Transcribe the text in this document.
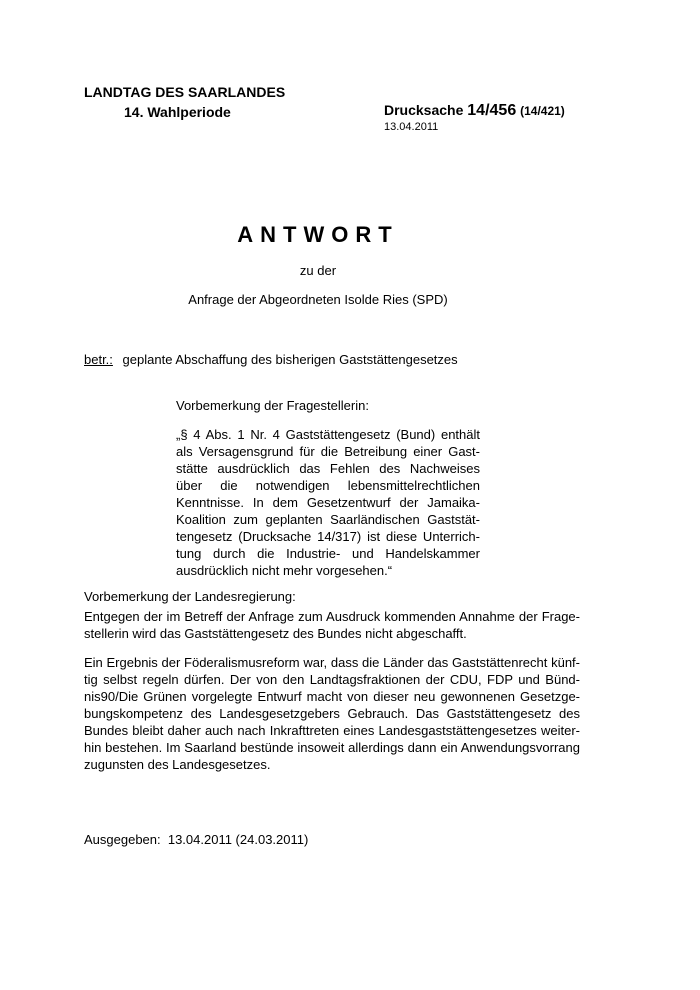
LANDTAG DES SAARLANDES
14. Wahlperiode	Drucksache 14/456 (14/421)
13.04.2011
ANTWORT
zu der
Anfrage der Abgeordneten Isolde Ries (SPD)
betr.: geplante Abschaffung des bisherigen Gaststättengesetzes
Vorbemerkung der Fragestellerin:
„§ 4 Abs. 1 Nr. 4 Gaststättengesetz (Bund) enthält
als Versagensgrund für die Betreibung einer Gast-
stätte ausdrücklich das Fehlen des Nachweises
über die notwendigen lebensmittelrechtlichen
Kenntnisse. In dem Gesetzentwurf der Jamaika-
Koalition zum geplanten Saarländischen Gaststät-
tengesetz (Drucksache 14/317) ist diese Unterrich-
tung durch die Industrie- und Handelskammer
ausdrücklich nicht mehr vorgesehen.“
Vorbemerkung der Landesregierung:
Entgegen der im Betreff der Anfrage zum Ausdruck kommenden Annahme der Frage-
stellerin wird das Gaststättengesetz des Bundes nicht abgeschafft.
Ein Ergebnis der Föderalismusreform war, dass die Länder das Gaststättenrecht künf-
tig selbst regeln dürfen. Der von den Landtagsfraktionen der CDU, FDP und Bünd-
nis90/Die Grünen vorgelegte Entwurf macht von dieser neu gewonnenen Gesetzge-
bungskompetenz des Landesgesetzgebers Gebrauch. Das Gaststättengesetz des
Bundes bleibt daher auch nach Inkrafttreten eines Landesgaststättengesetzes weiter-
hin bestehen. Im Saarland bestünde insoweit allerdings dann ein Anwendungsvorrang
zugunsten des Landesgesetzes.
Ausgegeben:  13.04.2011 (24.03.2011)
